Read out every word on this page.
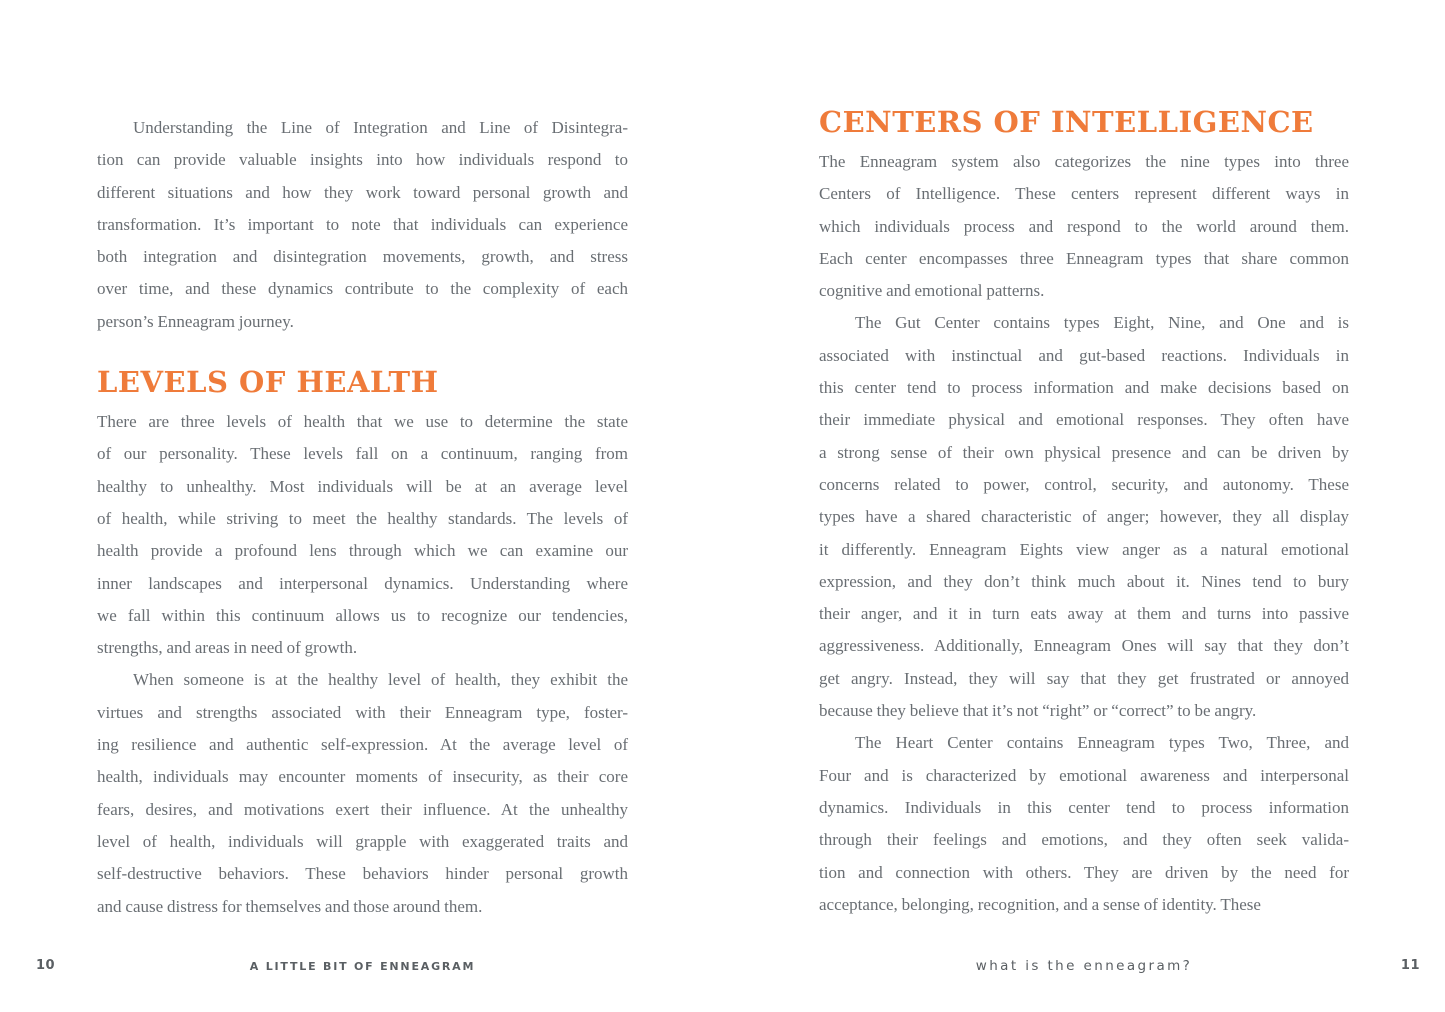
Understanding the Line of Integration and Line of Disintegra-
tion can provide valuable insights into how individuals respond to
different situations and how they work toward personal growth and
transformation. It’s important to note that individuals can experience
both integration and disintegration movements, growth, and stress
over time, and these dynamics contribute to the complexity of each
person’s Enneagram journey.
LEVELS OF HEALTH
There are three levels of health that we use to determine the state
of our personality. These levels fall on a continuum, ranging from
healthy to unhealthy. Most individuals will be at an average level
of health, while striving to meet the healthy standards. The levels of
health provide a profound lens through which we can examine our
inner landscapes and interpersonal dynamics. Understanding where
we fall within this continuum allows us to recognize our tendencies,
strengths, and areas in need of growth.
When someone is at the healthy level of health, they exhibit the
virtues and strengths associated with their Enneagram type, foster-
ing resilience and authentic self-expression. At the average level of
health, individuals may encounter moments of insecurity, as their core
fears, desires, and motivations exert their influence. At the unhealthy
level of health, individuals will grapple with exaggerated traits and
self-destructive behaviors. These behaviors hinder personal growth
and cause distress for themselves and those around them.
CENTERS OF INTELLIGENCE
The Enneagram system also categorizes the nine types into three
Centers of Intelligence. These centers represent different ways in
which individuals process and respond to the world around them.
Each center encompasses three Enneagram types that share common
cognitive and emotional patterns.
The Gut Center contains types Eight, Nine, and One and is
associated with instinctual and gut-based reactions. Individuals in
this center tend to process information and make decisions based on
their immediate physical and emotional responses. They often have
a strong sense of their own physical presence and can be driven by
concerns related to power, control, security, and autonomy. These
types have a shared characteristic of anger; however, they all display
it differently. Enneagram Eights view anger as a natural emotional
expression, and they don’t think much about it. Nines tend to bury
their anger, and it in turn eats away at them and turns into passive
aggressiveness. Additionally, Enneagram Ones will say that they don’t
get angry. Instead, they will say that they get frustrated or annoyed
because they believe that it’s not “right” or “correct” to be angry.
The Heart Center contains Enneagram types Two, Three, and
Four and is characterized by emotional awareness and interpersonal
dynamics. Individuals in this center tend to process information
through their feelings and emotions, and they often seek valida-
tion and connection with others. They are driven by the need for
acceptance, belonging, recognition, and a sense of identity. These
10	A LITTLE BIT OF ENNEAGRAM	what is the enneagram?	11
